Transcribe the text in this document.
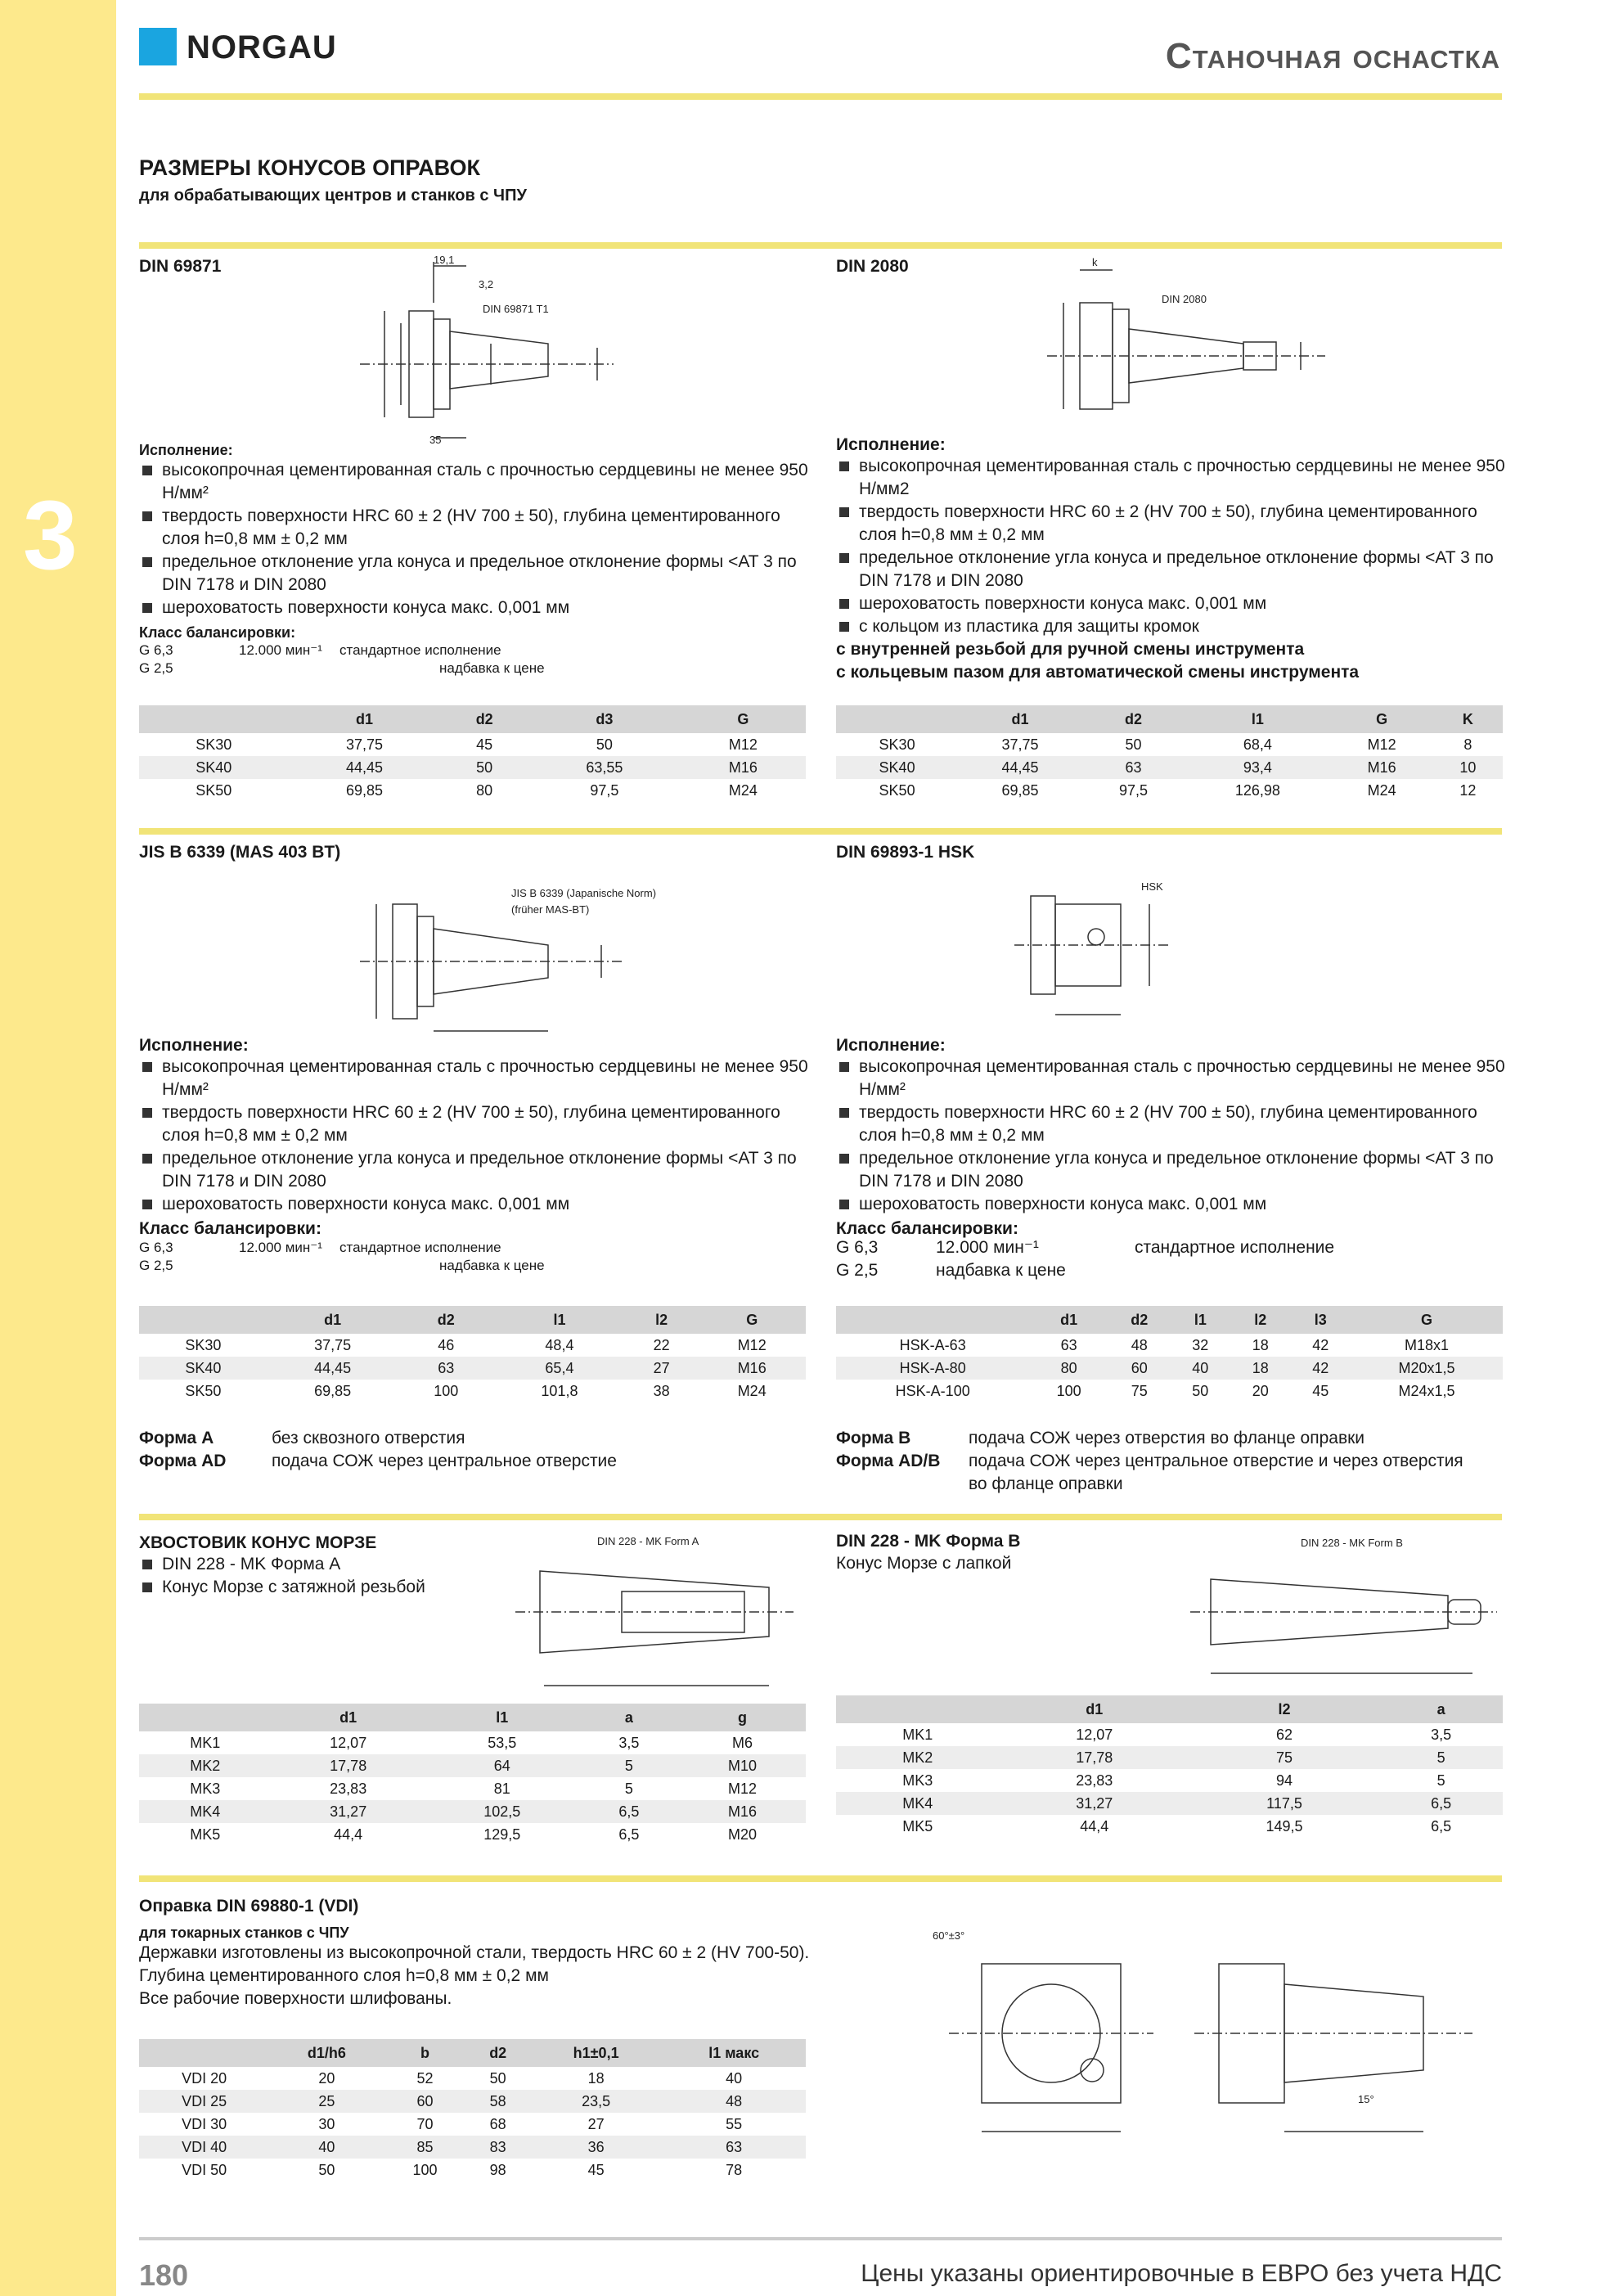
3
NORGAU	Станочная оснастка
РАЗМЕРЫ КОНУСОВ ОПРАВОК
для обрабатывающих центров и станков с ЧПУ
DIN 69871	19,1
3,2
DIN 69871 T1
35
Исполнение:
высокопрочная цементированная сталь с прочностью сердцевины не менее 950 Н/мм²
твердость поверхности HRC 60 ± 2 (HV 700 ± 50), глубина цементированного слоя h=0,8 мм ± 0,2 мм
предельное отклонение угла конуса и предельное отклонение формы <AT 3 по DIN 7178 и DIN 2080
шероховатость поверхности конуса макс. 0,001 мм
Класс балансировки:
G 6,3	12.000 мин⁻¹ стандартное исполнение
G 2,5	надбавка к цене
	d1	d2	d3	G
SK30	37,75	45	50	M12
SK40	44,45	50	63,55	M16
SK50	69,85	80	97,5	M24
DIN 2080	k
DIN 2080
Исполнение:
высокопрочная цементированная сталь с прочностью сердцевины не менее 950 Н/мм2
твердость поверхности HRC 60 ± 2 (HV 700 ± 50), глубина цементированного слоя h=0,8 мм ± 0,2 мм
предельное отклонение угла конуса и предельное отклонение формы <AT 3 по DIN 7178 и DIN 2080
шероховатость поверхности конуса макс. 0,001 мм
с кольцом из пластика для защиты кромок
с внутренней резьбой для ручной смены инструмента
с кольцевым пазом для автоматической смены инструмента
	d1	d2	l1	G	K
SK30	37,75	50	68,4	M12	8
SK40	44,45	63	93,4	M16	10
SK50	69,85	97,5	126,98	M24	12
JIS B 6339 (MAS 403 BT)
JIS B 6339 (Japanische Norm)
(früher MAS-BT)
Исполнение:
высокопрочная цементированная сталь с прочностью сердцевины не менее 950 Н/мм²
твердость поверхности HRC 60 ± 2 (HV 700 ± 50), глубина цементированного слоя h=0,8 мм ± 0,2 мм
предельное отклонение угла конуса и предельное отклонение формы <AT 3 по DIN 7178 и DIN 2080
шероховатость поверхности конуса макс. 0,001 мм
Класс балансировки:
G 6,3	12.000 мин⁻¹ стандартное исполнение
G 2,5	надбавка к цене
	d1	d2	l1	l2	G
SK30	37,75	46	48,4	22	M12
SK40	44,45	63	65,4	27	M16
SK50	69,85	100	101,8	38	M24
Форма A	без сквозного отверстия
Форма AD	подача СОЖ через центральное отверстие
DIN 69893-1 HSK
HSK
Исполнение:
высокопрочная цементированная сталь с прочностью сердцевины не менее 950 Н/мм²
твердость поверхности HRC 60 ± 2 (HV 700 ± 50), глубина цементированного слоя h=0,8 мм ± 0,2 мм
предельное отклонение угла конуса и предельное отклонение формы <AT 3 по DIN 7178 и DIN 2080
шероховатость поверхности конуса макс. 0,001 мм
Класс балансировки:
G 6,3	12.000 мин⁻¹	стандартное исполнение
G 2,5	надбавка к цене
	d1	d2	l1	l2	l3	G
HSK-A-63	63	48	32	18	42	M18x1
HSK-A-80	80	60	40	18	42	M20x1,5
HSK-A-100	100	75	50	20	45	M24x1,5
Форма B	подача СОЖ через отверстия во фланце оправки
Форма AD/B подача СОЖ через центральное отверстие и через отверстия
во фланце оправки
ХВОСТОВИК КОНУС МОРЗЕ
DIN 228 - MK Форма A
Конус Морзе с затяжной резьбой
DIN 228 - MK Form A
	d1	l1	a	g
MK1	12,07	53,5	3,5	M6
MK2	17,78	64	5	M10
MK3	23,83	81	5	M12
MK4	31,27	102,5	6,5	M16
MK5	44,4	129,5	6,5	M20
DIN 228 - MK Форма B
Конус Морзе с лапкой
DIN 228 - MK Form B
	d1	l2	a
MK1	12,07	62	3,5
MK2	17,78	75	5
MK3	23,83	94	5
MK4	31,27	117,5	6,5
MK5	44,4	149,5	6,5
Оправка DIN 69880-1 (VDI)
для токарных станков с ЧПУ
Державки изготовлены из высокопрочной стали, твердость HRC 60 ± 2 (HV 700-50).
Глубина цементированного слоя h=0,8 мм ± 0,2 мм
Все рабочие поверхности шлифованы.
60°±3°
15°
	d1/h6	b	d2	h1±0,1	l1 макс
VDI 20	20	52	50	18	40
VDI 25	25	60	58	23,5	48
VDI 30	30	70	68	27	55
VDI 40	40	85	83	36	63
VDI 50	50	100	98	45	78
180	Цены указаны ориентировочные в ЕВРО без учета НДС
